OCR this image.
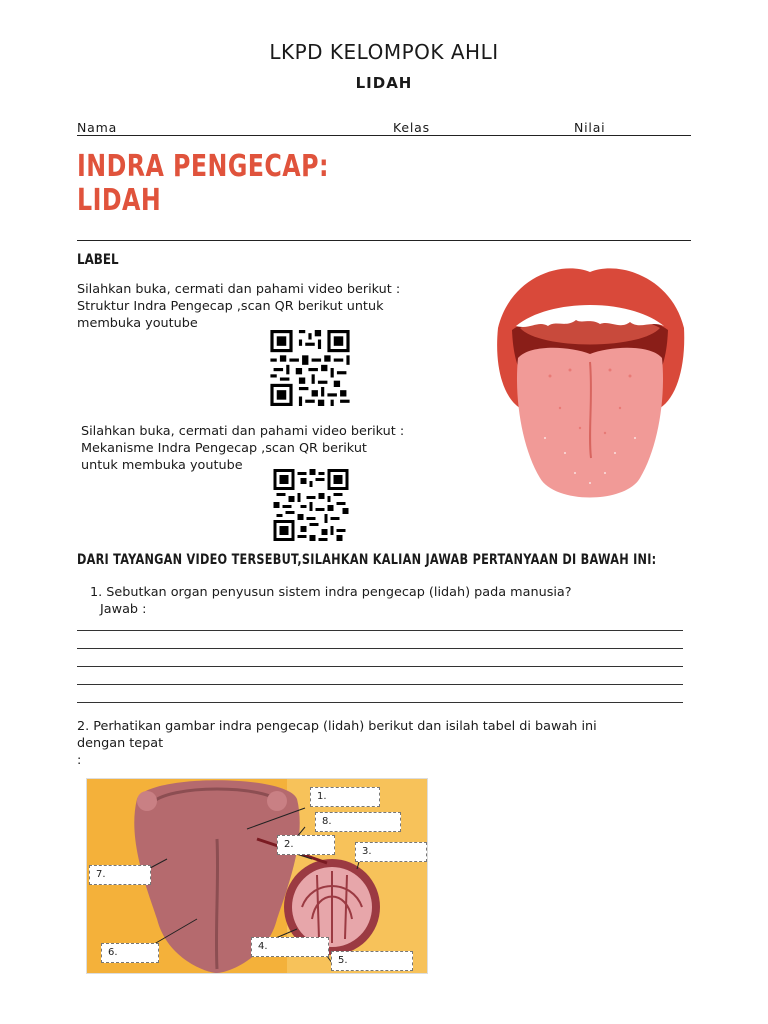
LKPD KELOMPOK AHLI
LIDAH
Nama	Kelas	Nilai
INDRA PENGECAP:
LIDAH
LABEL
Silahkan buka, cermati dan pahami video berikut :
Struktur Indra Pengecap ,scan QR berikut untuk
membuka youtube
Silahkan buka, cermati dan pahami video berikut :
Mekanisme Indra Pengecap ,scan QR berikut
untuk membuka youtube
DARI TAYANGAN VIDEO TERSEBUT,SILAHKAN KALIAN JAWAB PERTANYAAN DI BAWAH INI:
1. Sebutkan organ penyusun sistem indra pengecap (lidah) pada manusia?
Jawab :
2. Perhatikan gambar indra pengecap (lidah) berikut dan isilah tabel di bawah ini
dengan tepat
:
1.
8.
2.
3.
7.
6.
4.
5.
